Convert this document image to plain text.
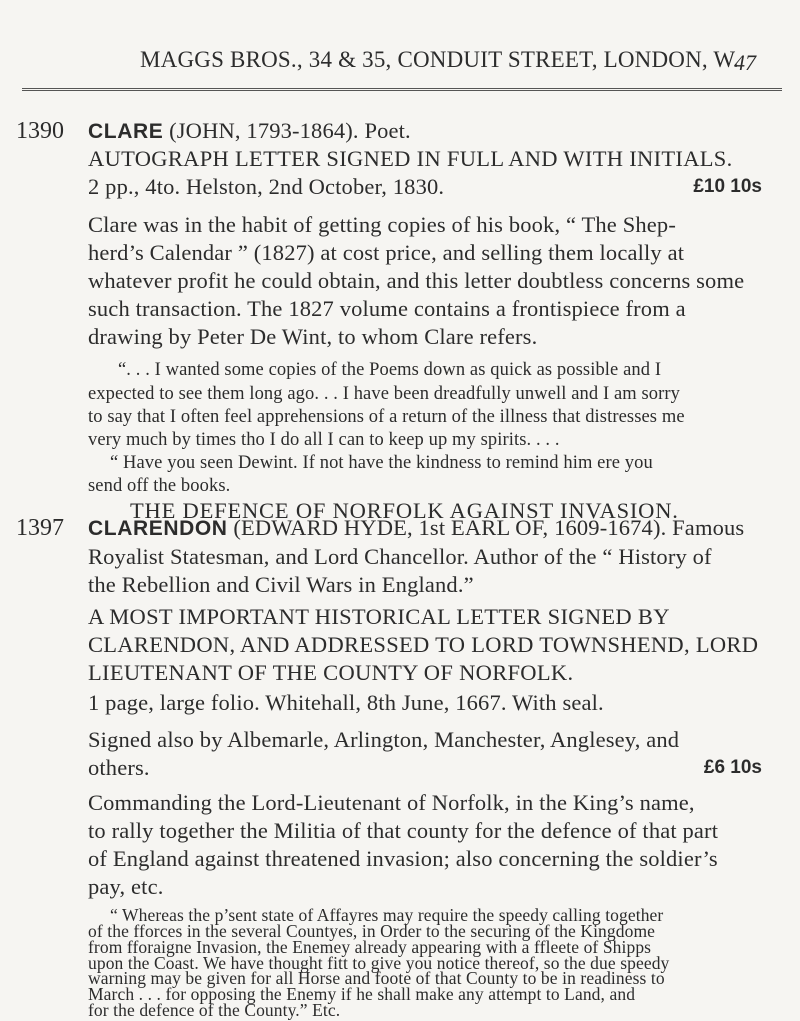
MAGGS BROS., 34 & 35, CONDUIT STREET, LONDON, W.
47
1390 CLARE (JOHN, 1793-1864). Poet.
AUTOGRAPH LETTER SIGNED IN FULL AND WITH INITIALS.
2 pp., 4to. Helston, 2nd October, 1830.	£10 10s
Clare was in the habit of getting copies of his book, “ The Shep-
herd’s Calendar ” (1827) at cost price, and selling them locally at
whatever profit he could obtain, and this letter doubtless concerns some
such transaction. The 1827 volume contains a frontispiece from a
drawing by Peter De Wint, to whom Clare refers.
“. . . I wanted some copies of the Poems down as quick as possible and I
expected to see them long ago. . . I have been dreadfully unwell and I am sorry
to say that I often feel apprehensions of a return of the illness that distresses me
very much by times tho I do all I can to keep up my spirits. . . .
“ Have you seen Dewint. If not have the kindness to remind him ere you
send off the books.
THE DEFENCE OF NORFOLK AGAINST INVASION.
1397 CLARENDON (EDWARD HYDE, 1st EARL OF, 1609-1674). Famous
Royalist Statesman, and Lord Chancellor. Author of the “ History of
the Rebellion and Civil Wars in England.”
A MOST IMPORTANT HISTORICAL LETTER SIGNED BY
CLARENDON, AND ADDRESSED TO LORD TOWNSHEND, LORD
LIEUTENANT OF THE COUNTY OF NORFOLK.
1 page, large folio. Whitehall, 8th June, 1667. With seal.
Signed also by Albemarle, Arlington, Manchester, Anglesey, and
others.	£6 10s
Commanding the Lord-Lieutenant of Norfolk, in the King’s name,
to rally together the Militia of that county for the defence of that part
of England against threatened invasion; also concerning the soldier’s
pay, etc.
“ Whereas the p’sent state of Affayres may require the speedy calling together
of the fforces in the several Countyes, in Order to the securing of the Kingdome
from fforaigne Invasion, the Enemey already appearing with a ffleete of Shipps
upon the Coast. We have thought fitt to give you notice thereof, so the due speedy
warning may be given for all Horse and foote of that County to be in readiness to
March . . . for opposing the Enemy if he shall make any attempt to Land, and
for the defence of the County.” Etc.
